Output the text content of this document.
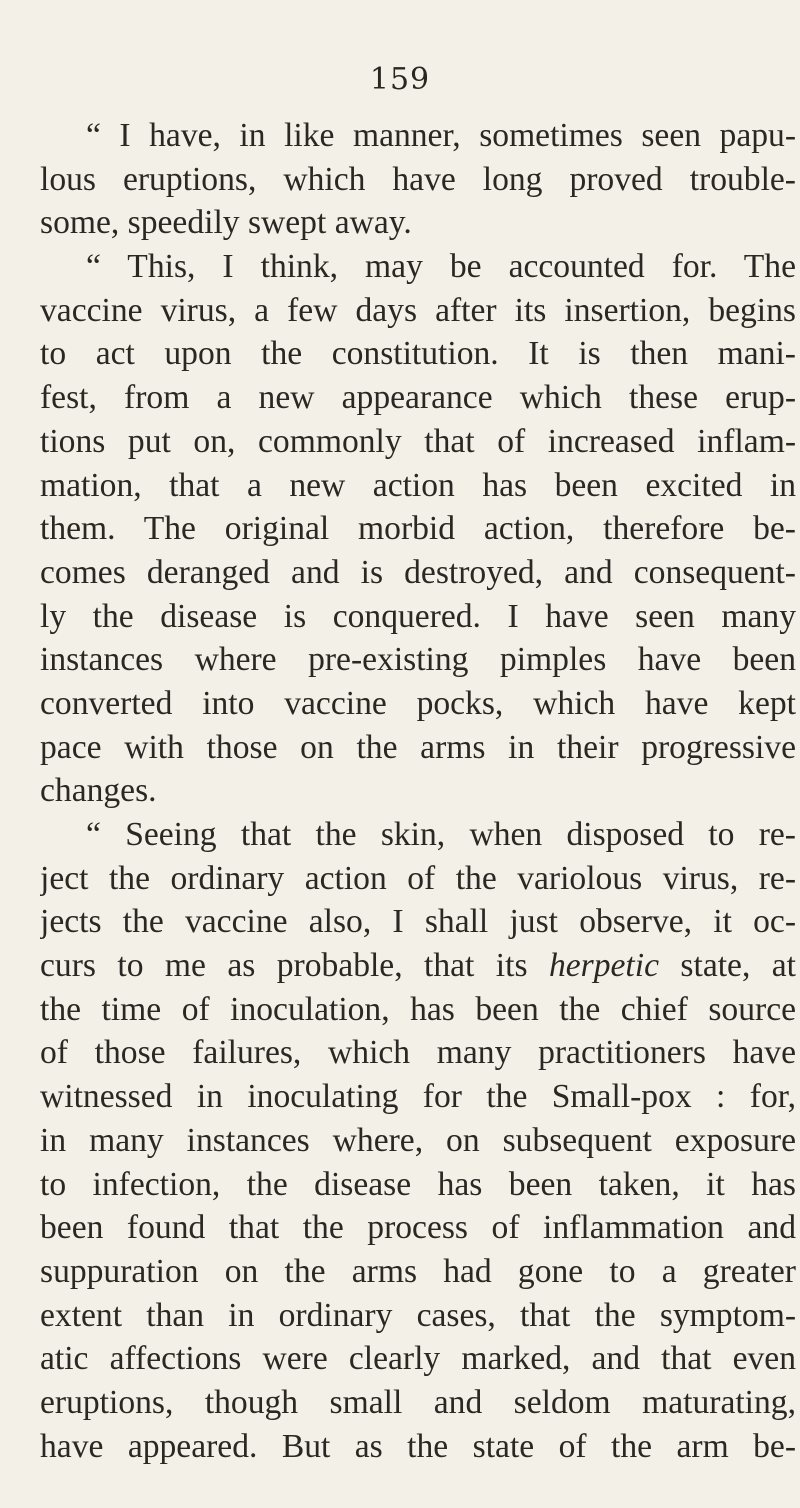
159
“ I have, in like manner, sometimes seen papu-
lous eruptions, which have long proved trouble-
some, speedily swept away.
“ This, I think, may be accounted for. The
vaccine virus, a few days after its insertion, begins
to act upon the constitution. It is then mani-
fest, from a new appearance which these erup-
tions put on, commonly that of increased inflam-
mation, that a new action has been excited in
them. The original morbid action, therefore be-
comes deranged and is destroyed, and consequent-
ly the disease is conquered. I have seen many
instances where pre-existing pimples have been
converted into vaccine pocks, which have kept
pace with those on the arms in their progressive
changes.
“ Seeing that the skin, when disposed to re-
ject the ordinary action of the variolous virus, re-
jects the vaccine also, I shall just observe, it oc-
curs to me as probable, that its herpetic state, at
the time of inoculation, has been the chief source
of those failures, which many practitioners have
witnessed in inoculating for the Small-pox : for,
in many instances where, on subsequent exposure
to infection, the disease has been taken, it has
been found that the process of inflammation and
suppuration on the arms had gone to a greater
extent than in ordinary cases, that the symptom-
atic affections were clearly marked, and that even
eruptions, though small and seldom maturating,
have appeared. But as the state of the arm be-
